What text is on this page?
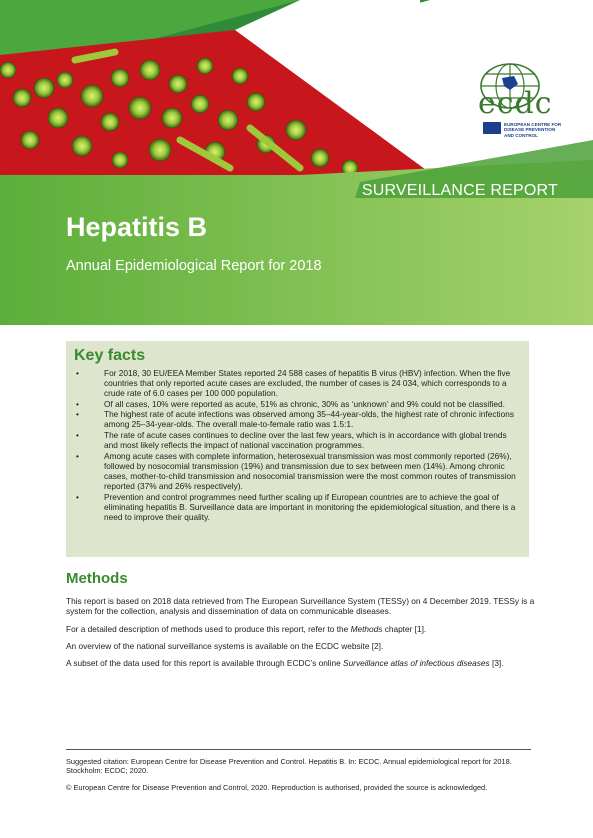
ecdc
EUROPEAN CENTRE FOR
DISEASE PREVENTION
AND CONTROL
SURVEILLANCE REPORT
Hepatitis B

Annual Epidemiological Report for 2018

Key facts
•	For 2018, 30 EU/EEA Member States reported 24 588 cases of hepatitis B virus (HBV) infection. When the five countries that only reported acute cases are excluded, the number of cases is 24 034, which corresponds to a crude rate of 6.0 cases per 100 000 population.
•	Of all cases, 10% were reported as acute, 51% as chronic, 30% as ‘unknown’ and 9% could not be classified.
•	The highest rate of acute infections was observed among 35–44-year-olds, the highest rate of chronic infections among 25–34-year-olds. The overall male-to-female ratio was 1.5:1.
•	The rate of acute cases continues to decline over the last few years, which is in accordance with global trends and most likely reflects the impact of national vaccination programmes.
•	Among acute cases with complete information, heterosexual transmission was most commonly reported (26%), followed by nosocomial transmission (19%) and transmission due to sex between men (14%). Among chronic cases, mother-to-child transmission and nosocomial transmission were the most common routes of transmission reported (37% and 26% respectively).
•	Prevention and control programmes need further scaling up if European countries are to achieve the goal of eliminating hepatitis B. Surveillance data are important in monitoring the epidemiological situation, and there is a need to improve their quality.
Methods

This report is based on 2018 data retrieved from The European Surveillance System (TESSy) on 4 December 2019. TESSy is a system for the collection, analysis and dissemination of data on communicable diseases.

For a detailed description of methods used to produce this report, refer to the Methods chapter [1].

An overview of the national surveillance systems is available on the ECDC website [2].

A subset of the data used for this report is available through ECDC’s online Surveillance atlas of infectious diseases [3].

Suggested citation: European Centre for Disease Prevention and Control. Hepatitis B. In: ECDC. Annual epidemiological report for 2018. Stockholm: ECDC; 2020.

© European Centre for Disease Prevention and Control, 2020. Reproduction is authorised, provided the source is acknowledged.
